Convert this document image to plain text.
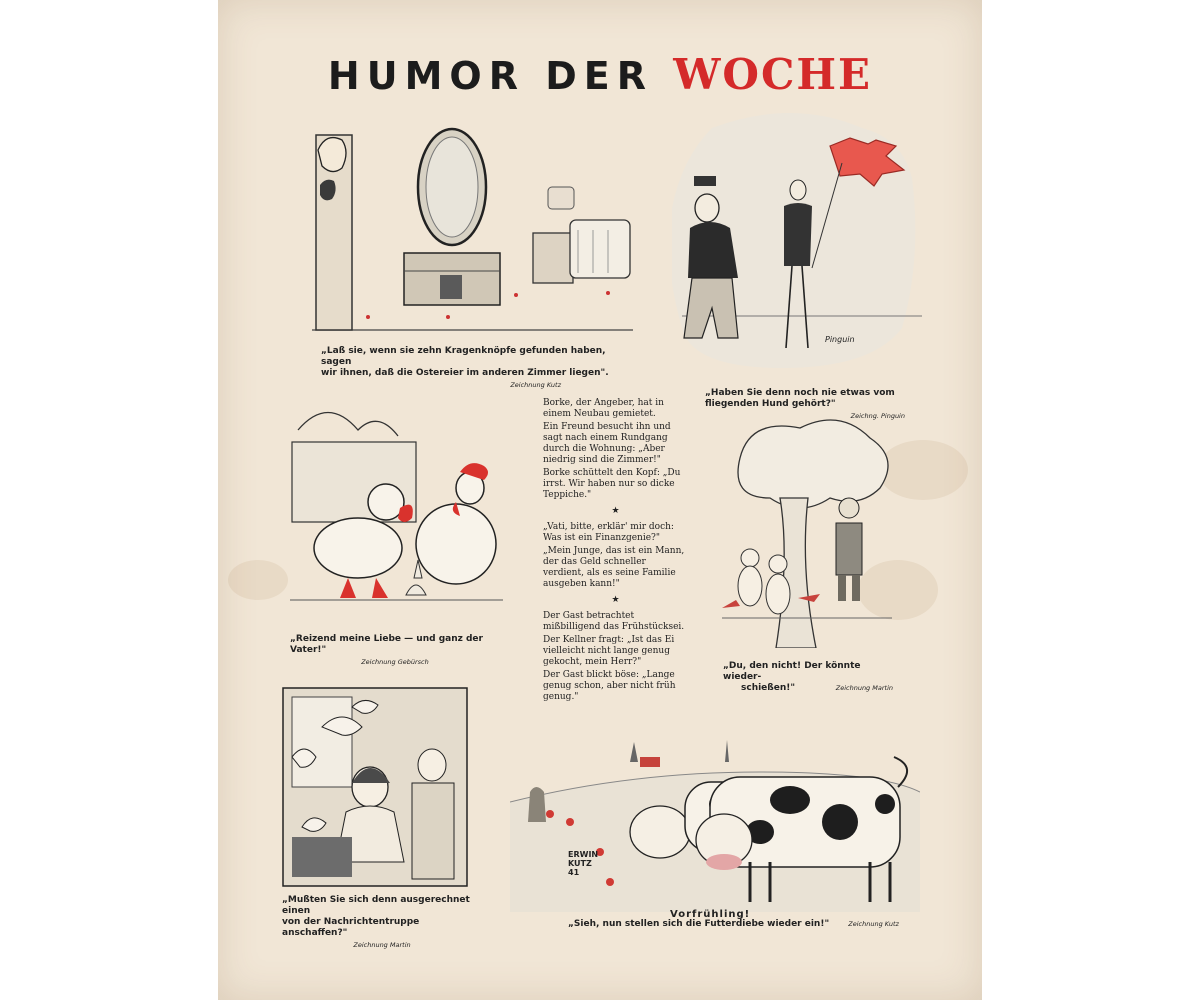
HUMOR DER WOCHE
„Laß sie, wenn sie zehn Kragenknöpfe gefunden haben, sagen
wir ihnen, daß die Ostereier im anderen Zimmer liegen".
Zeichnung Kutz
Pinguin
„Haben Sie denn noch nie etwas vom
fliegenden Hund gehört?"
Zeichng. Pinguin
„Reizend meine Liebe — und ganz der Vater!"
Zeichnung Gebürsch

Borke, der Angeber, hat in einem Neubau gemietet.

Ein Freund besucht ihn und sagt nach einem Rundgang durch die Wohnung: „Aber niedrig sind die Zimmer!"

Borke schüttelt den Kopf: „Du irrst. Wir haben nur so dicke Teppiche."

★

„Vati, bitte, erklär' mir doch: Was ist ein Finanzgenie?"

„Mein Junge, das ist ein Mann, der das Geld schneller verdient, als es seine Familie ausgeben kann!"

★

Der Gast betrachtet mißbilligend das Frühstücksei.

Der Kellner fragt: „Ist das Ei vielleicht nicht lange genug gekocht, mein Herr?"

Der Gast blickt böse: „Lange genug schon, aber nicht früh genug."

„Du, den nicht! Der könnte wieder-
schießen!"	Zeichnung Martin
„Mußten Sie sich denn ausgerechnet einen
von der Nachrichtentruppe anschaffen?"
Zeichnung Martin
ERWIN
KUTZ
41
Vorfrühling!
„Sieh, nun stellen sich die Futterdiebe wieder ein!"	Zeichnung Kutz
